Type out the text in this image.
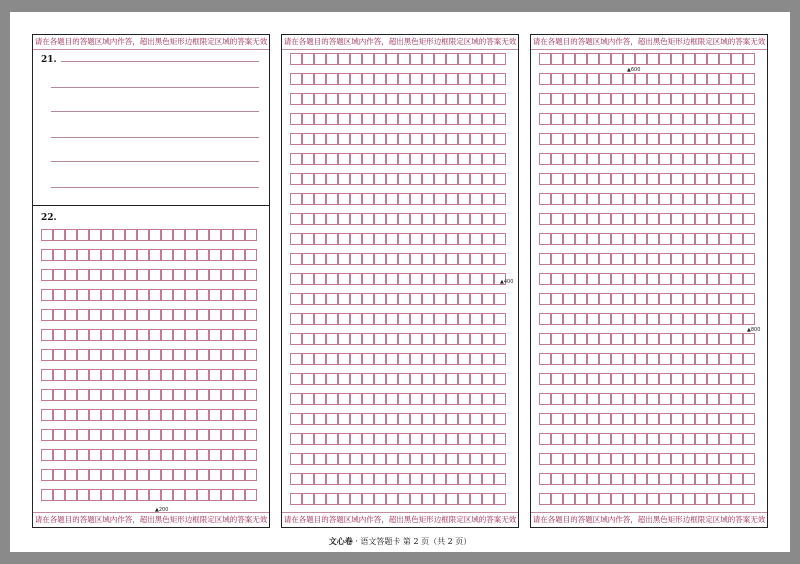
请在各题目的答题区域内作答，超出黑色矩形边框限定区域的答案无效
21.
22.
▲200
请在各题目的答题区域内作答，超出黑色矩形边框限定区域的答案无效
请在各题目的答题区域内作答，超出黑色矩形边框限定区域的答案无效
▲400
请在各题目的答题区域内作答，超出黑色矩形边框限定区域的答案无效
请在各题目的答题区域内作答，超出黑色矩形边框限定区域的答案无效
▲600
▲800
请在各题目的答题区域内作答，超出黑色矩形边框限定区域的答案无效
文心卷 · 语文答题卡 第 2 页（共 2 页）
